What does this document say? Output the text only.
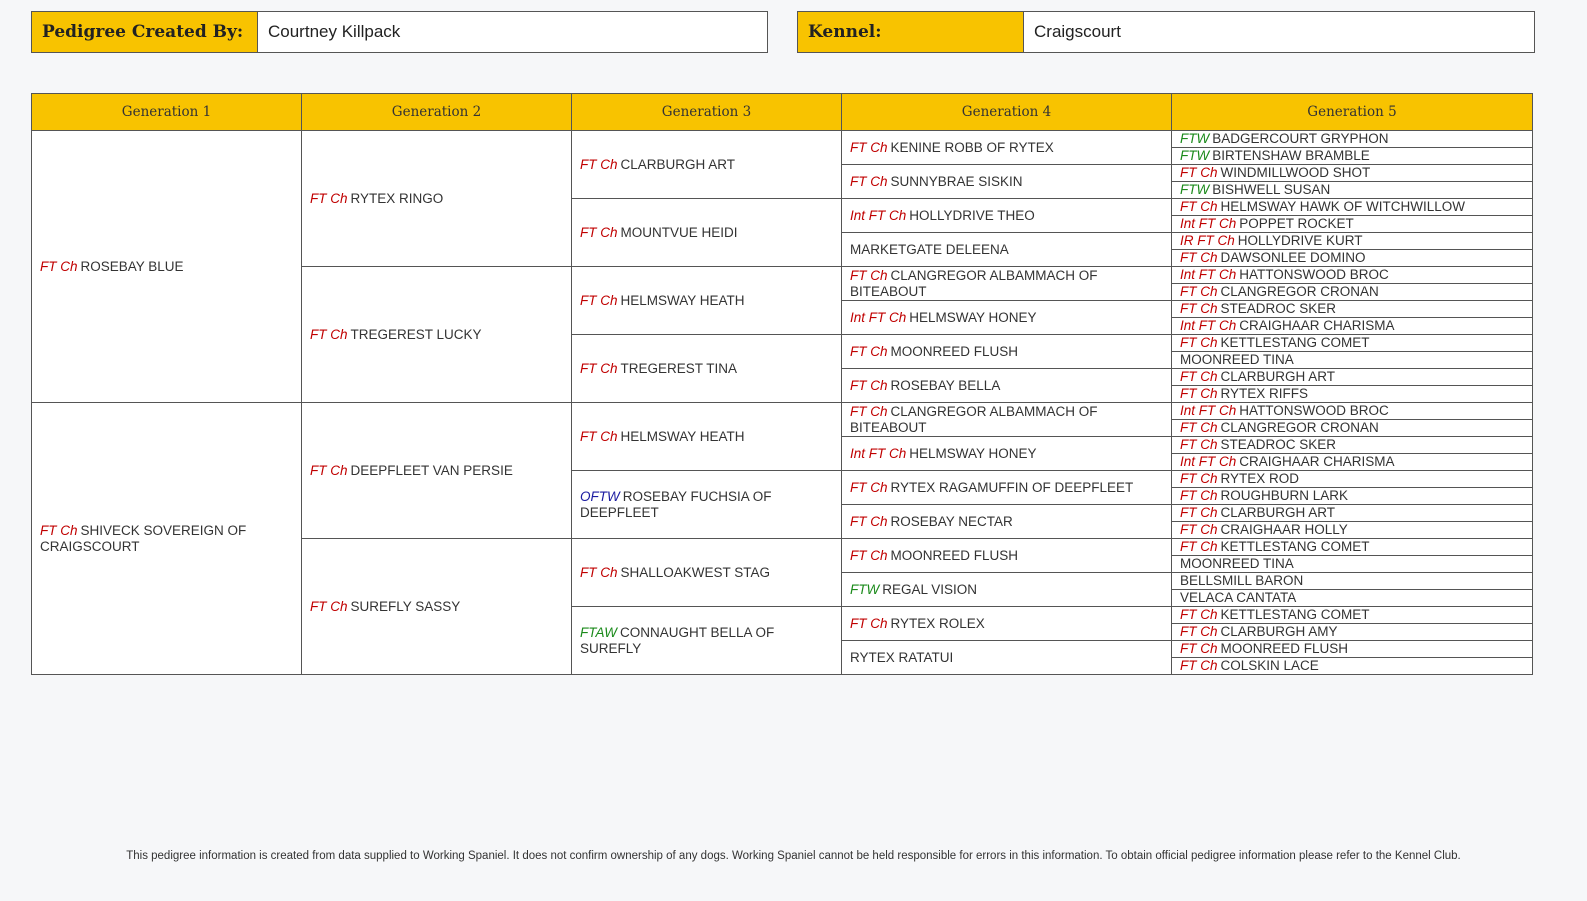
Pedigree Created By:	Courtney Killpack	Kennel:	Craigscourt
Generation 1	Generation 2	Generation 3	Generation 4	Generation 5
FT Ch ROSEBAY BLUE	FT Ch RYTEX RINGO	FT Ch CLARBURGH ART	FT Ch KENINE ROBB OF RYTEX	FTW BADGERCOURT GRYPHON
				FTW BIRTENSHAW BRAMBLE
			FT Ch SUNNYBRAE SISKIN	FT Ch WINDMILLWOOD SHOT
				FTW BISHWELL SUSAN
		FT Ch MOUNTVUE HEIDI	Int FT Ch HOLLYDRIVE THEO	FT Ch HELMSWAY HAWK OF WITCHWILLOW
				Int FT Ch POPPET ROCKET
			MARKETGATE DELEENA	IR FT Ch HOLLYDRIVE KURT
				FT Ch DAWSONLEE DOMINO
	FT Ch TREGEREST LUCKY	FT Ch HELMSWAY HEATH	FT Ch CLANGREGOR ALBAMMACH OF BITEABOUT	Int FT Ch HATTONSWOOD BROC
				FT Ch CLANGREGOR CRONAN
			Int FT Ch HELMSWAY HONEY	FT Ch STEADROC SKER
				Int FT Ch CRAIGHAAR CHARISMA
		FT Ch TREGEREST TINA	FT Ch MOONREED FLUSH	FT Ch KETTLESTANG COMET
				MOONREED TINA
			FT Ch ROSEBAY BELLA	FT Ch CLARBURGH ART
				FT Ch RYTEX RIFFS
FT Ch SHIVECK SOVEREIGN OF CRAIGSCOURT	FT Ch DEEPFLEET VAN PERSIE	FT Ch HELMSWAY HEATH	FT Ch CLANGREGOR ALBAMMACH OF BITEABOUT	Int FT Ch HATTONSWOOD BROC
				FT Ch CLANGREGOR CRONAN
			Int FT Ch HELMSWAY HONEY	FT Ch STEADROC SKER
				Int FT Ch CRAIGHAAR CHARISMA
		OFTW ROSEBAY FUCHSIA OF DEEPFLEET	FT Ch RYTEX RAGAMUFFIN OF DEEPFLEET	FT Ch RYTEX ROD
				FT Ch ROUGHBURN LARK
			FT Ch ROSEBAY NECTAR	FT Ch CLARBURGH ART
				FT Ch CRAIGHAAR HOLLY
	FT Ch SUREFLY SASSY	FT Ch SHALLOAKWEST STAG	FT Ch MOONREED FLUSH	FT Ch KETTLESTANG COMET
				MOONREED TINA
			FTW REGAL VISION	BELLSMILL BARON
				VELACA CANTATA
		FTAW CONNAUGHT BELLA OF SUREFLY	FT Ch RYTEX ROLEX	FT Ch KETTLESTANG COMET
				FT Ch CLARBURGH AMY
			RYTEX RATATUI	FT Ch MOONREED FLUSH
				FT Ch COLSKIN LACE
This pedigree information is created from data supplied to Working Spaniel. It does not confirm ownership of any dogs. Working Spaniel cannot be held responsible for errors in this information. To obtain official pedigree information please refer to the Kennel Club.
